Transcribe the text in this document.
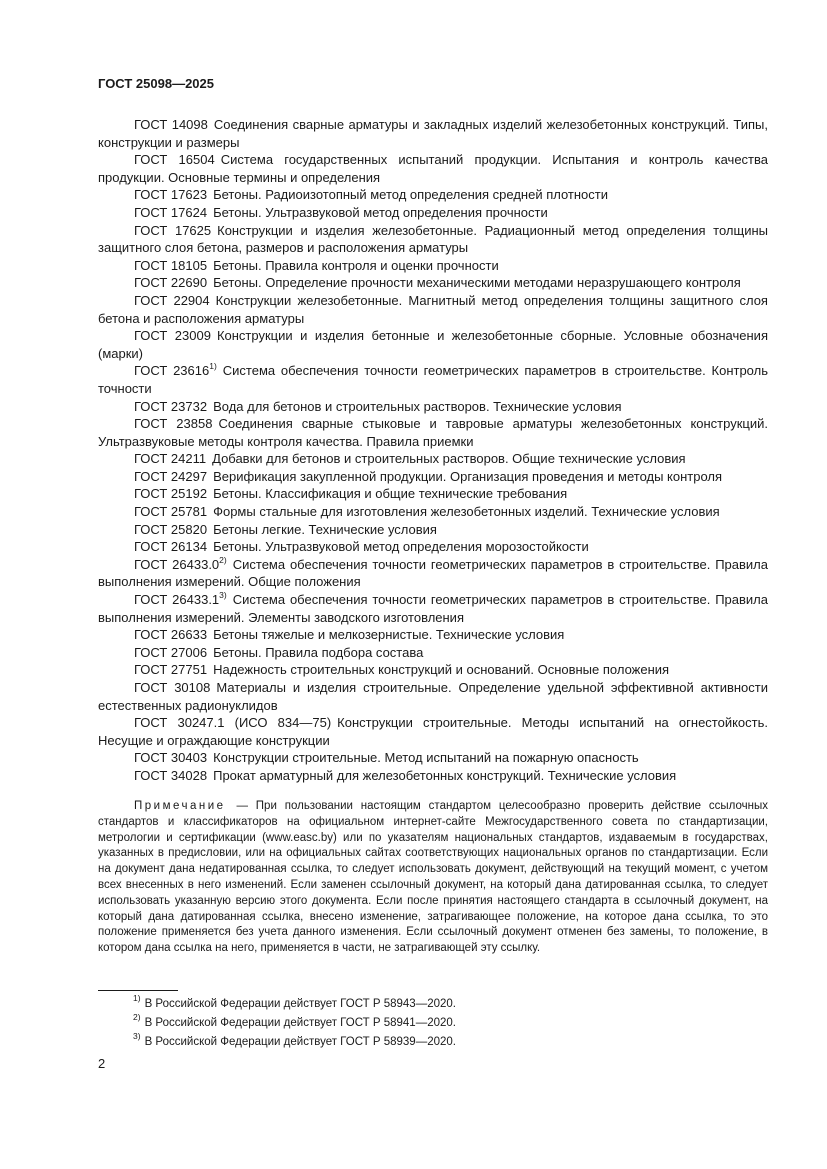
ГОСТ 25098—2025

ГОСТ 14098 Соединения сварные арматуры и закладных изделий железобетонных конструкций. Типы, конструкции и размеры

ГОСТ 16504 Система государственных испытаний продукции. Испытания и контроль качества продукции. Основные термины и определения

ГОСТ 17623 Бетоны. Радиоизотопный метод определения средней плотности

ГОСТ 17624 Бетоны. Ультразвуковой метод определения прочности

ГОСТ 17625 Конструкции и изделия железобетонные. Радиационный метод определения толщины защитного слоя бетона, размеров и расположения арматуры

ГОСТ 18105 Бетоны. Правила контроля и оценки прочности

ГОСТ 22690 Бетоны. Определение прочности механическими методами неразрушающего контроля

ГОСТ 22904 Конструкции железобетонные. Магнитный метод определения толщины защитного слоя бетона и расположения арматуры

ГОСТ 23009 Конструкции и изделия бетонные и железобетонные сборные. Условные обозначения (марки)

ГОСТ 23616$^{1)}$ Система обеспечения точности геометрических параметров в строительстве. Контроль точности

ГОСТ 23732 Вода для бетонов и строительных растворов. Технические условия

ГОСТ 23858 Соединения сварные стыковые и тавровые арматуры железобетонных конструкций. Ультразвуковые методы контроля качества. Правила приемки

ГОСТ 24211 Добавки для бетонов и строительных растворов. Общие технические условия

ГОСТ 24297 Верификация закупленной продукции. Организация проведения и методы контроля

ГОСТ 25192 Бетоны. Классификация и общие технические требования

ГОСТ 25781 Формы стальные для изготовления железобетонных изделий. Технические условия

ГОСТ 25820 Бетоны легкие. Технические условия

ГОСТ 26134 Бетоны. Ультразвуковой метод определения морозостойкости

ГОСТ 26433.0$^{2)}$ Система обеспечения точности геометрических параметров в строительстве. Правила выполнения измерений. Общие положения

ГОСТ 26433.1$^{3)}$ Система обеспечения точности геометрических параметров в строительстве. Правила выполнения измерений. Элементы заводского изготовления

ГОСТ 26633 Бетоны тяжелые и мелкозернистые. Технические условия

ГОСТ 27006 Бетоны. Правила подбора состава

ГОСТ 27751 Надежность строительных конструкций и оснований. Основные положения

ГОСТ 30108 Материалы и изделия строительные. Определение удельной эффективной активности естественных радионуклидов

ГОСТ 30247.1 (ИСО 834—75) Конструкции строительные. Методы испытаний на огнестойкость. Несущие и ограждающие конструкции

ГОСТ 30403 Конструкции строительные. Метод испытаний на пожарную опасность

ГОСТ 34028 Прокат арматурный для железобетонных конструкций. Технические условия

Примечание — При пользовании настоящим стандартом целесообразно проверить действие ссылочных стандартов и классификаторов на официальном интернет-сайте Межгосударственного совета по стандартизации, метрологии и сертификации (www.easc.by) или по указателям национальных стандартов, издаваемым в государствах, указанных в предисловии, или на официальных сайтах соответствующих национальных органов по стандартизации. Если на документ дана недатированная ссылка, то следует использовать документ, действующий на текущий момент, с учетом всех внесенных в него изменений. Если заменен ссылочный документ, на который дана датированная ссылка, то следует использовать указанную версию этого документа. Если после принятия настоящего стандарта в ссылочный документ, на который дана датированная ссылка, внесено изменение, затрагивающее положение, на которое дана ссылка, то это положение применяется без учета данного изменения. Если ссылочный документ отменен без замены, то положение, в котором дана ссылка на него, применяется в части, не затрагивающей эту ссылку.

$^{1)}$ В Российской Федерации действует ГОСТ Р 58943—2020.

$^{2)}$ В Российской Федерации действует ГОСТ Р 58941—2020.

$^{3)}$ В Российской Федерации действует ГОСТ Р 58939—2020.

2
